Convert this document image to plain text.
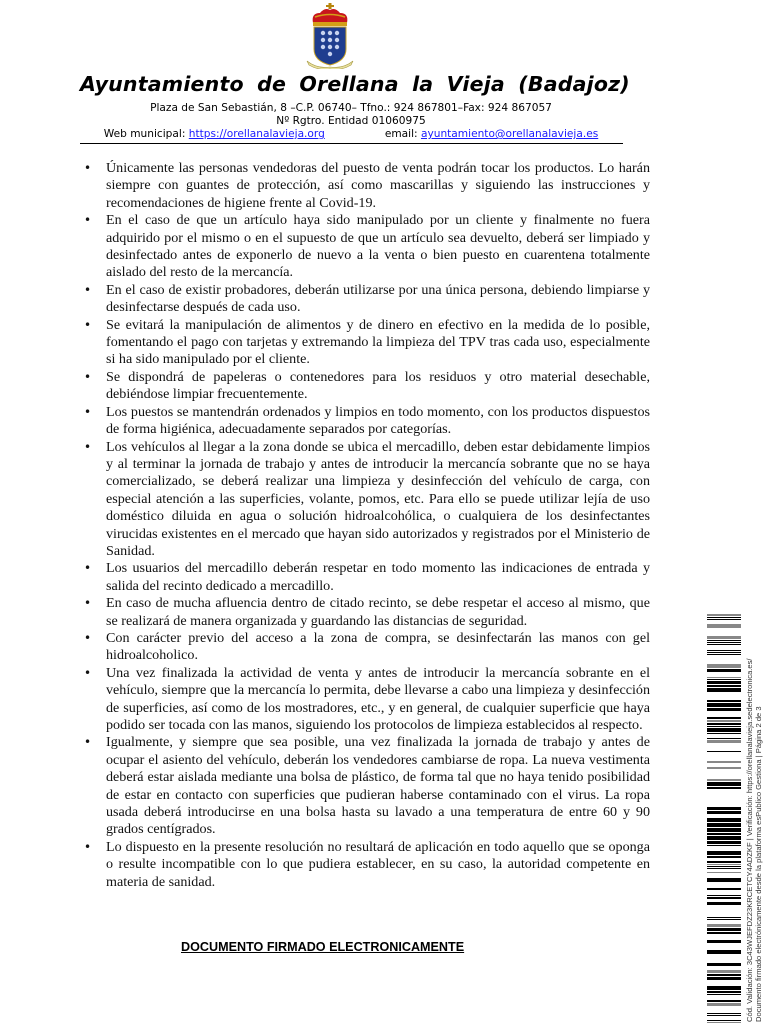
Ayuntamiento de Orellana la Vieja (Badajoz)
Plaza de San Sebastián, 8 –C.P. 06740– Tfno.: 924 867801–Fax: 924 867057
Nº Rgtro. Entidad 01060975
Web municipal: https://orellanalavieja.org	email: ayuntamiento@orellanalavieja.es
• Únicamente las personas vendedoras del puesto de venta podrán tocar los productos. Lo harán siempre con guantes de protección, así como mascarillas y siguiendo las instrucciones y recomendaciones de higiene frente al Covid-19.
• En el caso de que un artículo haya sido manipulado por un cliente y finalmente no fuera adquirido por el mismo o en el supuesto de que un artículo sea devuelto, deberá ser limpiado y desinfectado antes de exponerlo de nuevo a la venta o bien puesto en cuarentena totalmente aislado del resto de la mercancía.
• En el caso de existir probadores, deberán utilizarse por una única persona, debiendo limpiarse y desinfectarse después de cada uso.
• Se evitará la manipulación de alimentos y de dinero en efectivo en la medida de lo posible, fomentando el pago con tarjetas y extremando la limpieza del TPV tras cada uso, especialmente si ha sido manipulado por el cliente.
• Se dispondrá de papeleras o contenedores para los residuos y otro material desechable, debiéndose limpiar frecuentemente.
• Los puestos se mantendrán ordenados y limpios en todo momento, con los productos dispuestos de forma higiénica, adecuadamente separados por categorías.
• Los vehículos al llegar a la zona donde se ubica el mercadillo, deben estar debidamente limpios y al terminar la jornada de trabajo y antes de introducir la mercancía sobrante que no se haya comercializado, se deberá realizar una limpieza y desinfección del vehículo de carga, con especial atención a las superficies, volante, pomos, etc. Para ello se puede utilizar lejía de uso doméstico diluida en agua o solución hidroalcohólica, o cualquiera de los desinfectantes virucidas existentes en el mercado que hayan sido autorizados y registrados por el Ministerio de Sanidad.
• Los usuarios del mercadillo deberán respetar en todo momento las indicaciones de entrada y salida del recinto dedicado a mercadillo.
• En caso de mucha afluencia dentro de citado recinto, se debe respetar el acceso al mismo, que se realizará de manera organizada y guardando las distancias de seguridad.
• Con carácter previo del acceso a la zona de compra, se desinfectarán las manos con gel hidroalcoholico.
• Una vez finalizada la actividad de venta y antes de introducir la mercancía sobrante en el vehículo, siempre que la mercancía lo permita, debe llevarse a cabo una limpieza y desinfección de superficies, así como de los mostradores, etc., y en general, de cualquier superficie que haya podido ser tocada con las manos, siguiendo los protocolos de limpieza establecidos al respecto.
• Igualmente, y siempre que sea posible, una vez finalizada la jornada de trabajo y antes de ocupar el asiento del vehículo, deberán los vendedores cambiarse de ropa. La nueva vestimenta deberá estar aislada mediante una bolsa de plástico, de forma tal que no haya tenido posibilidad de estar en contacto con superficies que pudieran haberse contaminado con el virus. La ropa usada deberá introducirse en una bolsa hasta su lavado a una temperatura de entre 60 y 90 grados centígrados.
• Lo dispuesto en la presente resolución no resultará de aplicación en todo aquello que se oponga o resulte incompatible con lo que pudiera establecer, en su caso, la autoridad competente en materia de sanidad.
DOCUMENTO FIRMADO ELECTRONICAMENTE	Cód. Validación: 3C43WJEFDZ23KRCETCY4ADZKF | Verificación: https://orellanalavieja.sedelectronica.es/ Documento firmado electrónicamente desde la plataforma esPublico Gestiona | Página 2 de 3
